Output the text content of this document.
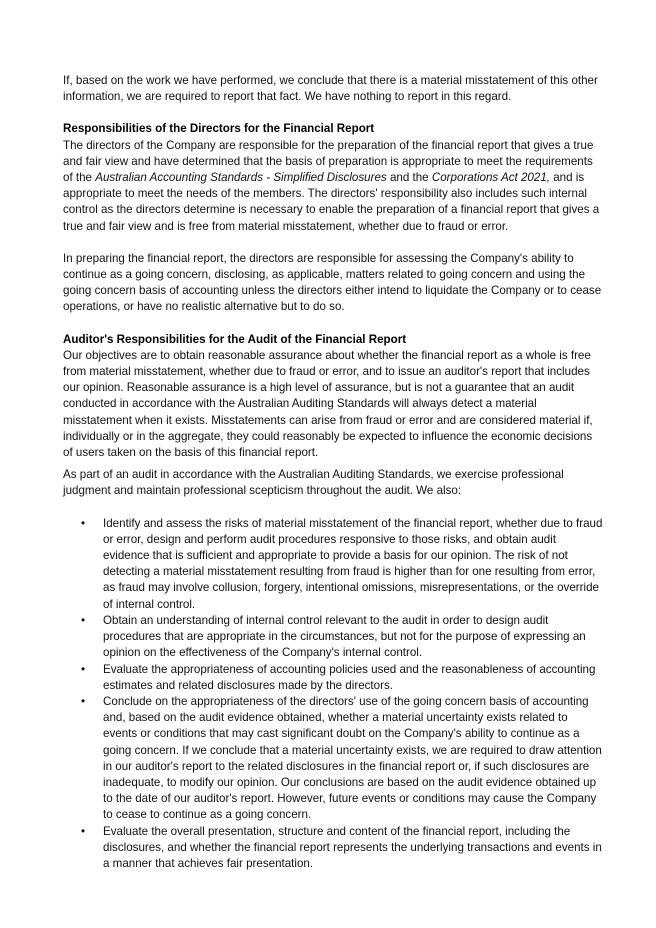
If, based on the work we have performed, we conclude that there is a material misstatement of this other information, we are required to report that fact. We have nothing to report in this regard.

Responsibilities of the Directors for the Financial Report

The directors of the Company are responsible for the preparation of the financial report that gives a true and fair view and have determined that the basis of preparation is appropriate to meet the requirements of the Australian Accounting Standards - Simplified Disclosures and the Corporations Act 2021, and is appropriate to meet the needs of the members. The directors' responsibility also includes such internal control as the directors determine is necessary to enable the preparation of a financial report that gives a true and fair view and is free from material misstatement, whether due to fraud or error.

In preparing the financial report, the directors are responsible for assessing the Company's ability to continue as a going concern, disclosing, as applicable, matters related to going concern and using the going concern basis of accounting unless the directors either intend to liquidate the Company or to cease operations, or have no realistic alternative but to do so.

Auditor's Responsibilities for the Audit of the Financial Report

Our objectives are to obtain reasonable assurance about whether the financial report as a whole is free from material misstatement, whether due to fraud or error, and to issue an auditor's report that includes our opinion. Reasonable assurance is a high level of assurance, but is not a guarantee that an audit conducted in accordance with the Australian Auditing Standards will always detect a material misstatement when it exists. Misstatements can arise from fraud or error and are considered material if, individually or in the aggregate, they could reasonably be expected to influence the economic decisions of users taken on the basis of this financial report.

As part of an audit in accordance with the Australian Auditing Standards, we exercise professional judgment and maintain professional scepticism throughout the audit. We also:

• Identify and assess the risks of material misstatement of the financial report, whether due to fraud or error, design and perform audit procedures responsive to those risks, and obtain audit evidence that is sufficient and appropriate to provide a basis for our opinion. The risk of not detecting a material misstatement resulting from fraud is higher than for one resulting from error, as fraud may involve collusion, forgery, intentional omissions, misrepresentations, or the override of internal control.
• Obtain an understanding of internal control relevant to the audit in order to design audit procedures that are appropriate in the circumstances, but not for the purpose of expressing an opinion on the effectiveness of the Company's internal control.
• Evaluate the appropriateness of accounting policies used and the reasonableness of accounting estimates and related disclosures made by the directors.
• Conclude on the appropriateness of the directors' use of the going concern basis of accounting and, based on the audit evidence obtained, whether a material uncertainty exists related to events or conditions that may cast significant doubt on the Company's ability to continue as a going concern. If we conclude that a material uncertainty exists, we are required to draw attention in our auditor's report to the related disclosures in the financial report or, if such disclosures are inadequate, to modify our opinion. Our conclusions are based on the audit evidence obtained up to the date of our auditor's report. However, future events or conditions may cause the Company to cease to continue as a going concern.
• Evaluate the overall presentation, structure and content of the financial report, including the disclosures, and whether the financial report represents the underlying transactions and events in a manner that achieves fair presentation.
